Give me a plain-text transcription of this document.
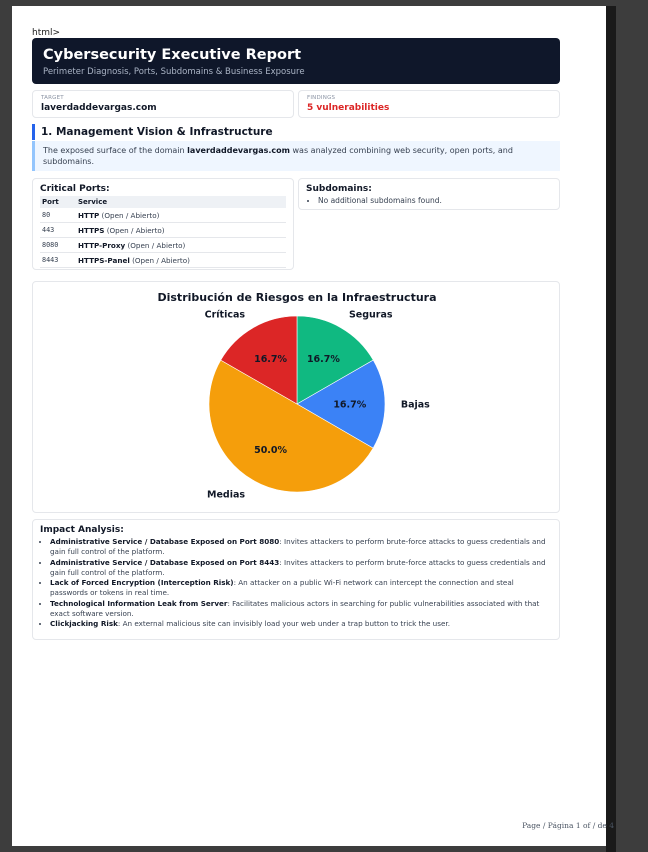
html>
Cybersecurity Executive Report
Perimeter Diagnosis, Ports, Subdomains & Business Exposure
TARGET
laverdaddevargas.com
FINDINGS
5 vulnerabilities
1. Management Vision & Infrastructure
The exposed surface of the domain laverdaddevargas.com was analyzed combining web security, open ports, and subdomains.
Critical Ports:
Port	Service
80	HTTP (Open / Abierto)
443	HTTPS (Open / Abierto)
8080	HTTP-Proxy (Open / Abierto)
8443	HTTPS-Panel (Open / Abierto)
Subdomains:
• No additional subdomains found.
Distribución de Riesgos en la Infraestructura
16.7%
Seguras
16.7%	Bajas
50.0%
Medias
16.7%
Críticas
Impact Analysis:
• Administrative Service / Database Exposed on Port 8080: Invites attackers to perform brute-force attacks to guess credentials and gain full control of the platform.
• Administrative Service / Database Exposed on Port 8443: Invites attackers to perform brute-force attacks to guess credentials and gain full control of the platform.
• Lack of Forced Encryption (Interception Risk): An attacker on a public Wi-Fi network can intercept the connection and steal passwords or tokens in real time.
• Technological Information Leak from Server: Facilitates malicious actors in searching for public vulnerabilities associated with that exact software version.
• Clickjacking Risk: An external malicious site can invisibly load your web under a trap button to trick the user.
Page / Página 1 of / de 4
